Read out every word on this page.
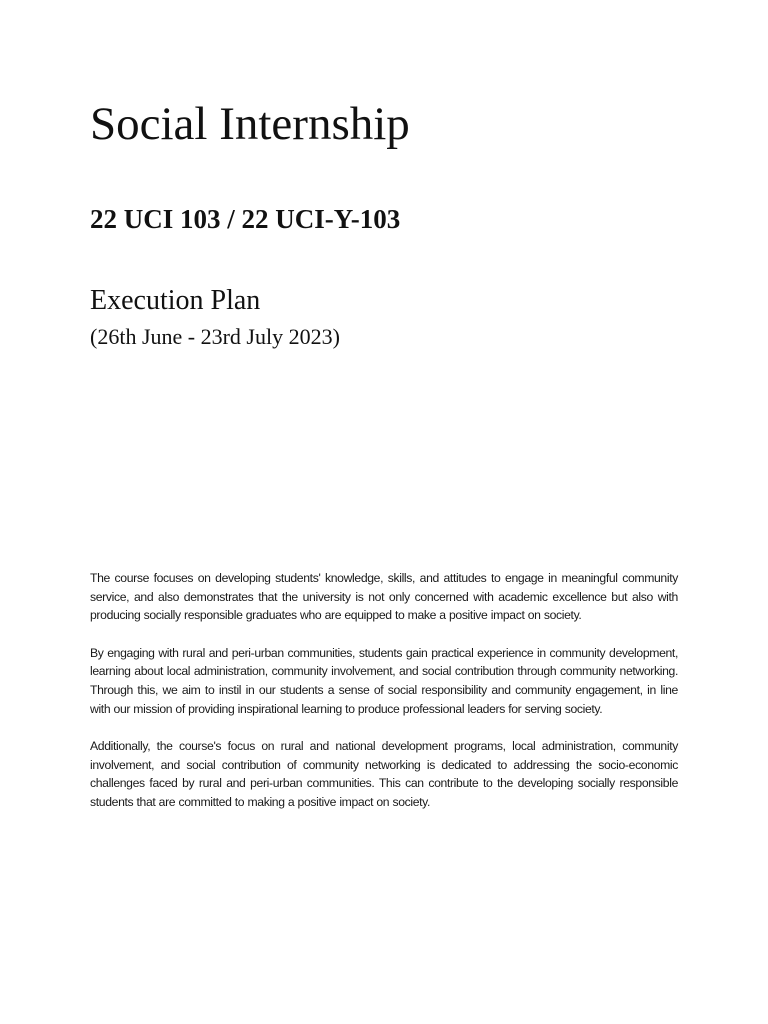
Social Internship
22 UCI 103 / 22 UCI-Y-103
Execution Plan
(26th June - 23rd July 2023)

The course focuses on developing students' knowledge, skills, and attitudes to engage in meaningful community service, and also demonstrates that the university is not only concerned with academic excellence but also with producing socially responsible graduates who are equipped to make a positive impact on society.

By engaging with rural and peri-urban communities, students gain practical experience in community development, learning about local administration, community involvement, and social contribution through community networking. Through this, we aim to instil in our students a sense of social responsibility and community engagement, in line with our mission of providing inspirational learning to produce professional leaders for serving society.

Additionally, the course's focus on rural and national development programs, local administration, community involvement, and social contribution of community networking is dedicated to addressing the socio-economic challenges faced by rural and peri-urban communities. This can contribute to the developing socially responsible students that are committed to making a positive impact on society.
